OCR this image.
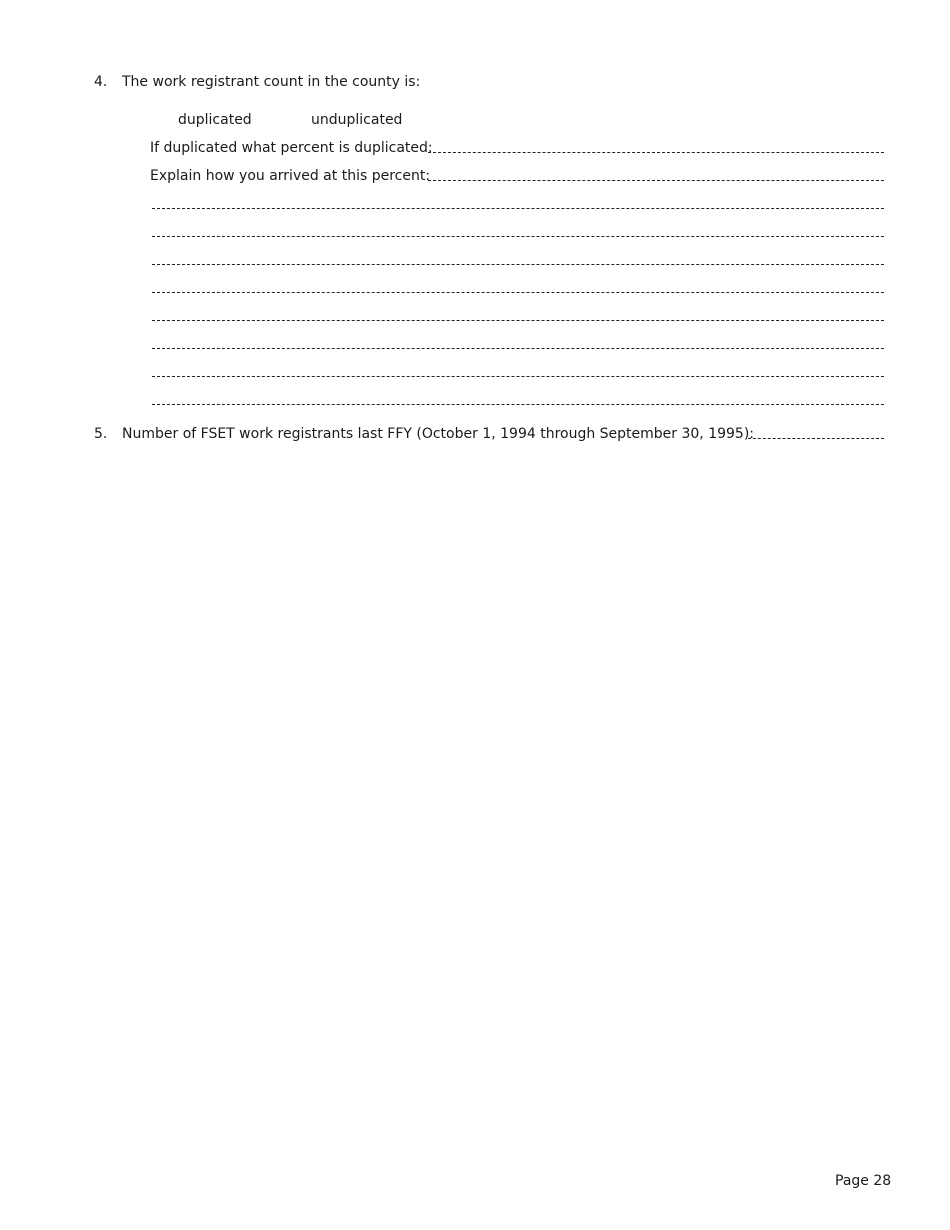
4.	The work registrant count in the county is:
duplicated	unduplicated
If duplicated what percent is duplicated:
Explain how you arrived at this percent:
5.	Number of FSET work registrants last FFY (October 1, 1994 through September 30, 1995):
Page 28
